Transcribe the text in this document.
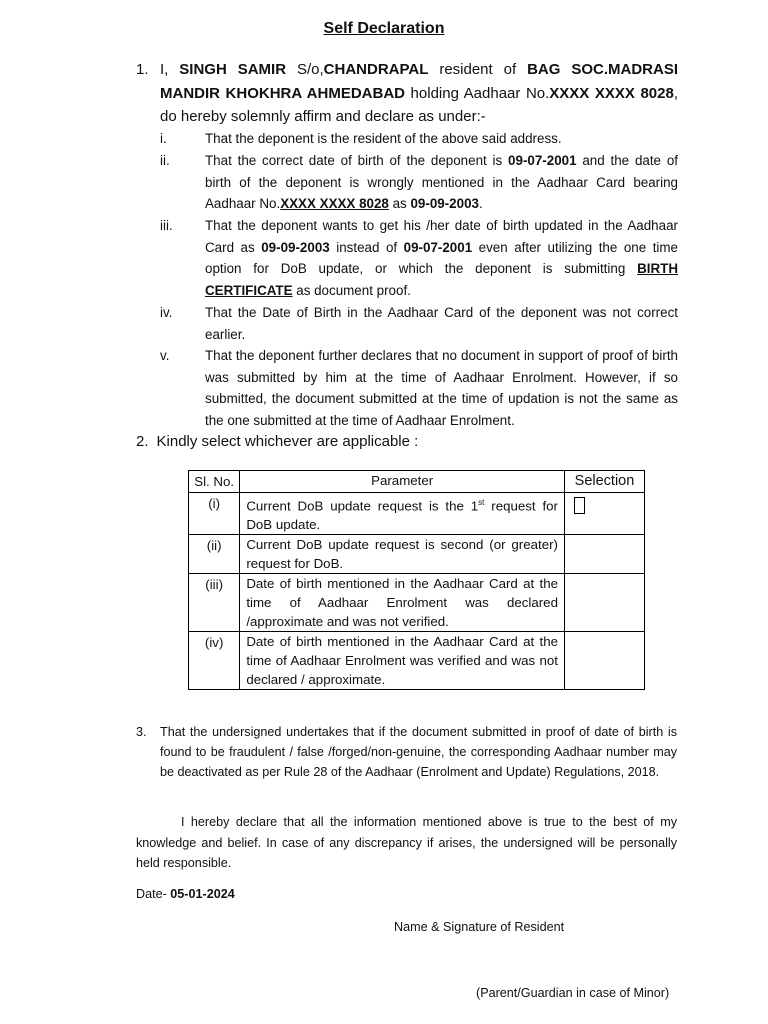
Self Declaration
1. I, SINGH SAMIR S/o,CHANDRAPAL resident of BAG SOC.MADRASI MANDIR KHOKHRA AHMEDABAD holding Aadhaar No.XXXX XXXX 8028, do hereby solemnly affirm and declare as under:-
i.	That the deponent is the resident of the above said address.
ii.	That the correct date of birth of the deponent is 09-07-2001 and the date of birth of the deponent is wrongly mentioned in the Aadhaar Card bearing Aadhaar No.XXXX XXXX 8028 as 09-09-2003.
iii. That the deponent wants to get his /her date of birth updated in the Aadhaar Card as 09-09-2003 instead of 09-07-2001 even after utilizing the one time option for DoB update, or which the deponent is submitting BIRTH CERTIFICATE as document proof.
iv. That the Date of Birth in the Aadhaar Card of the deponent was not correct earlier.
v.	That the deponent further declares that no document in support of proof of birth was submitted by him at the time of Aadhaar Enrolment. However, if so submitted, the document submitted at the time of updation is not the same as the one submitted at the time of Aadhaar Enrolment.
2. Kindly select whichever are applicable :
Sl. No.	Parameter	Selection
(i)	Current DoB update request is the 1st request for DoB update.	
(ii)	Current DoB update request is second (or greater) request for DoB.	
(iii)	Date of birth mentioned in the Aadhaar Card at the time of Aadhaar Enrolment was declared /approximate and was not verified.	
(iv)	Date of birth mentioned in the Aadhaar Card at the time of Aadhaar Enrolment was verified and was not declared / approximate.	
3. That the undersigned undertakes that if the document submitted in proof of date of birth is found to be fraudulent / false /forged/non-genuine, the corresponding Aadhaar number may be deactivated as per Rule 28 of the Aadhaar (Enrolment and Update) Regulations, 2018.
I hereby declare that all the information mentioned above is true to the best of my knowledge and belief. In case of any discrepancy if arises, the undersigned will be personally held responsible.
Date- 05-01-2024
Name & Signature of Resident
(Parent/Guardian in case of Minor)
